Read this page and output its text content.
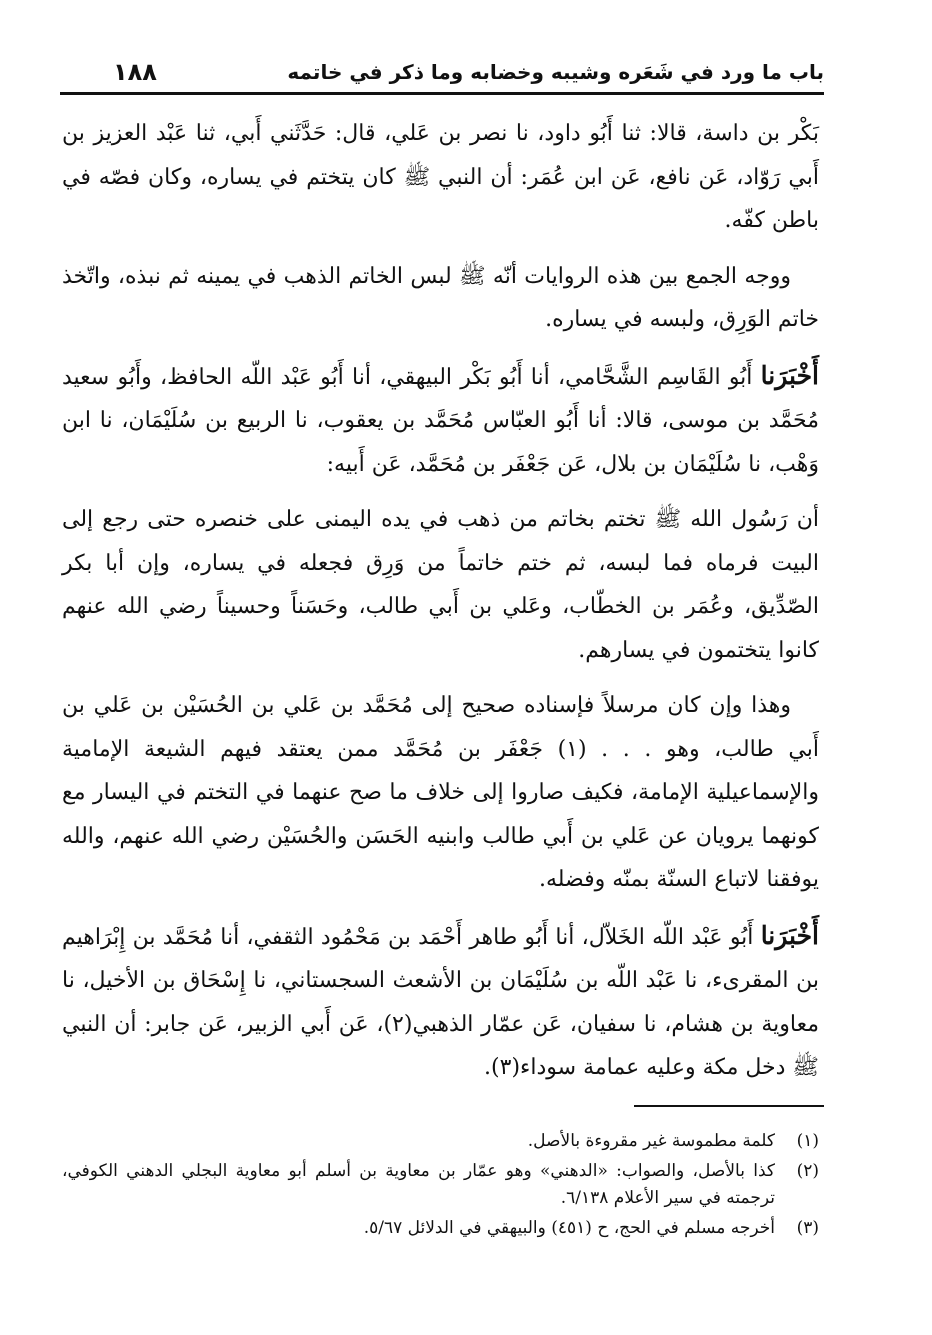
باب ما ورد في شَعَره وشيبه وخضابه وما ذكر في خاتمه
١٨٨

بَكْر بن داسة، قالا: ثنا أَبُو داود، نا نصر بن عَلي، قال: حَدَّثَني أَبي، ثنا عَبْد العزيز بن أَبي رَوّاد، عَن نافع، عَن ابن عُمَر: أن النبي ﷺ كان يتختم في يساره، وكان فصّه في باطن كفّه.

ووجه الجمع بين هذه الروايات أنّه ﷺ لبس الخاتم الذهب في يمينه ثم نبذه، واتّخذ خاتم الوَرِق، ولبسه في يساره.

أَخْبَرَنا أَبُو القَاسِم الشَّحَّامي، أنا أَبُو بَكْر البيهقي، أنا أَبُو عَبْد اللّه الحافظ، وأَبُو سعيد مُحَمَّد بن موسى، قالا: أنا أَبُو العبّاس مُحَمَّد بن يعقوب، نا الربيع بن سُلَيْمَان، نا ابن وَهْب، نا سُلَيْمَان بن بلال، عَن جَعْفَر بن مُحَمَّد، عَن أَبيه:

أن رَسُول الله ﷺ تختم بخاتم من ذهب في يده اليمنى على خنصره حتى رجع إلى البيت فرماه فما لبسه، ثم ختم خاتماً من وَرِق فجعله في يساره، وإن أبا بكر الصّدِّيق، وعُمَر بن الخطّاب، وعَلي بن أَبي طالب، وحَسَناً وحسيناً رضي الله عنهم كانوا يتختمون في يسارهم.

وهذا وإن كان مرسلاً فإسناده صحيح إلى مُحَمَّد بن عَلي بن الحُسَيْن بن عَلي بن أَبي طالب، وهو . . . (١) جَعْفَر بن مُحَمَّد ممن يعتقد فيهم الشيعة الإمامية والإسماعيلية الإمامة، فكيف صاروا إلى خلاف ما صح عنهما في التختم في اليسار مع كونهما يرويان عن عَلي بن أَبي طالب وابنيه الحَسَن والحُسَيْن رضي الله عنهم، والله يوفقنا لاتباع السنّة بمنّه وفضله.

أَخْبَرَنا أَبُو عَبْد اللّه الخَلاّل، أنا أَبُو طاهر أَحْمَد بن مَحْمُود الثقفي، أنا مُحَمَّد بن إِبْرَاهيم بن المقرىء، نا عَبْد اللّه بن سُلَيْمَان بن الأشعث السجستاني، نا إِسْحَاق بن الأخيل، نا معاوية بن هشام، نا سفيان، عَن عمّار الذهبي(٢)، عَن أَبي الزبير، عَن جابر: أن النبي ﷺ دخل مكة وعليه عمامة سوداء(٣).

(١)
كلمة مطموسة غير مقروءة بالأصل.
(٢)
كذا بالأصل، والصواب: «الدهني» وهو عمّار بن معاوية بن أسلم أبو معاوية البجلي الدهني الكوفي، ترجمته في سير الأعلام ٦/١٣٨.
(٣)
أخرجه مسلم في الحج، ح (٤٥١) والبيهقي في الدلائل ٥/٦٧.
